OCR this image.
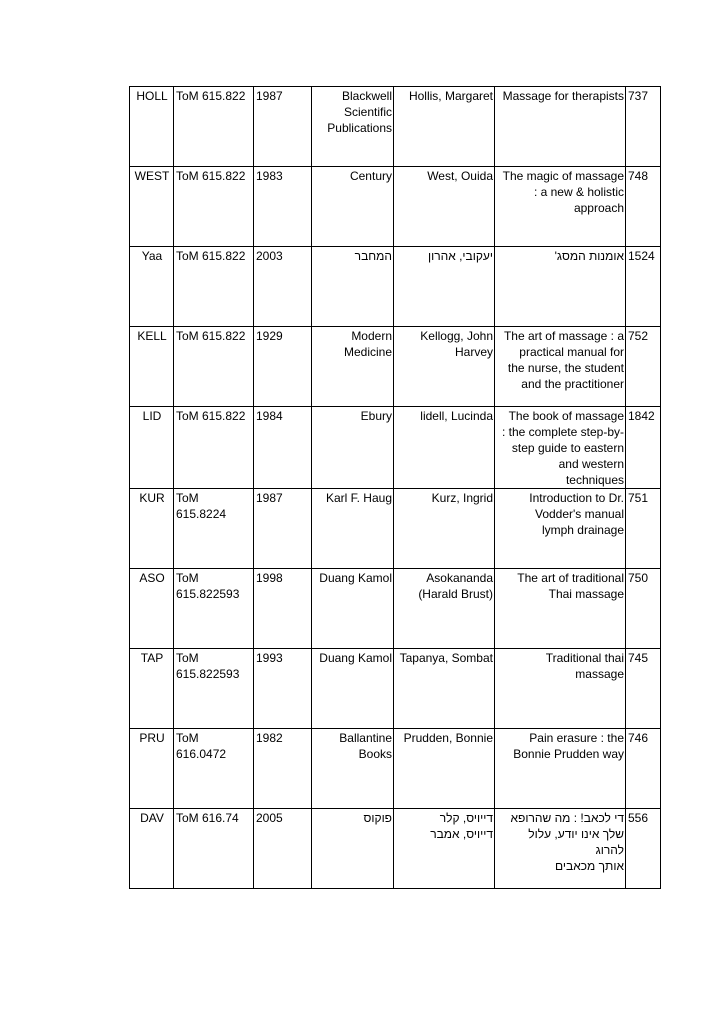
HOLL	ToM 615.822	1987	Blackwell
Scientific
Publications	Hollis, Margaret	Massage for therapists	737

WEST	ToM 615.822	1983	Century	West, Ouida	The magic of massage
: a new & holistic
approach	748

Yaa	ToM 615.822	2003	המחבר	יעקובי, אהרון	אומנות המסג'	1524

KELL	ToM 615.822	1929	Modern
Medicine	Kellogg, John
Harvey	The art of massage : a
practical manual for
the nurse, the student
and the practitioner	752

LID	ToM 615.822	1984	Ebury	lidell, Lucinda	The book of massage
: the complete step-by-
step guide to eastern
and western
techniques	1842

KUR	ToM
615.8224	1987	Karl F. Haug	Kurz, Ingrid	Introduction to Dr.
Vodder's manual
lymph drainage	751

ASO	ToM
615.822593	1998	Duang Kamol	Asokananda
(Harald Brust)	The art of traditional
Thai massage	750

TAP	ToM
615.822593	1993	Duang Kamol	Tapanya, Sombat	Traditional thai
massage	745

PRU	ToM
616.0472	1982	Ballantine
Books	Prudden, Bonnie	Pain erasure : the
Bonnie Prudden way	746

DAV	ToM 616.74	2005	פוקוס	דייויס, קלר
דייויס, אמבר	די לכאב! : מה שהרופא
שלך אינו יודע, עלול להרוג
אותך מכאבים	556
